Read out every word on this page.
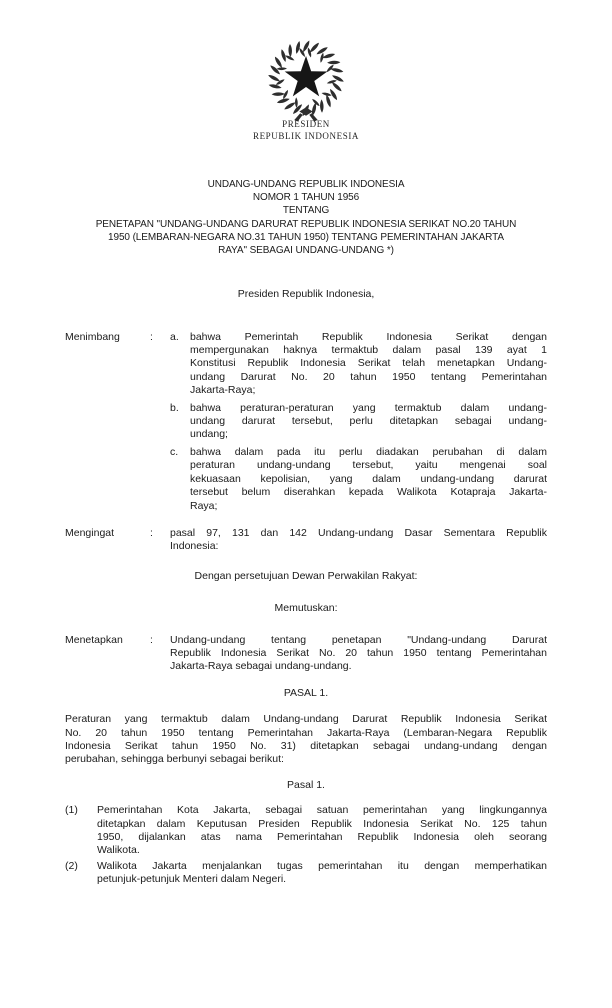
PRESIDEN
REPUBLIK INDONESIA
UNDANG-UNDANG REPUBLIK INDONESIA
NOMOR 1 TAHUN 1956
TENTANG
PENETAPAN "UNDANG-UNDANG DARURAT REPUBLIK INDONESIA SERIKAT NO.20 TAHUN
1950 (LEMBARAN-NEGARA NO.31 TAHUN 1950) TENTANG PEMERINTAHAN JAKARTA
RAYA" SEBAGAI UNDANG-UNDANG *)
Presiden Republik Indonesia,
Menimbang	:	a.	bahwa Pemerintah Republik Indonesia Serikat dengan
mempergunakan haknya termaktub dalam pasal 139 ayat 1
Konstitusi Republik Indonesia Serikat telah menetapkan Undang-
undang Darurat No. 20 tahun 1950 tentang Pemerintahan
Jakarta-Raya;
b.	bahwa peraturan-peraturan yang termaktub dalam undang-
undang darurat tersebut, perlu ditetapkan sebagai undang-
undang;
c.	bahwa dalam pada itu perlu diadakan perubahan di dalam
peraturan undang-undang tersebut, yaitu mengenai soal
kekuasaan kepolisian, yang dalam undang-undang darurat
tersebut belum diserahkan kepada Walikota Kotapraja Jakarta-
Raya;
Mengingat	:	pasal 97, 131 dan 142 Undang-undang Dasar Sementara Republik
Indonesia:
Dengan persetujuan Dewan Perwakilan Rakyat:
Memutuskan:
Menetapkan	:	Undang-undang tentang penetapan "Undang-undang Darurat
Republik Indonesia Serikat No. 20 tahun 1950 tentang Pemerintahan
Jakarta-Raya sebagai undang-undang.
PASAL 1.
Peraturan yang termaktub dalam Undang-undang Darurat Republik Indonesia Serikat
No. 20 tahun 1950 tentang Pemerintahan Jakarta-Raya (Lembaran-Negara Republik
Indonesia Serikat tahun 1950 No. 31) ditetapkan sebagai undang-undang dengan
perubahan, sehingga berbunyi sebagai berikut:
Pasal 1.
(1)	Pemerintahan Kota Jakarta, sebagai satuan pemerintahan yang lingkungannya
ditetapkan dalam Keputusan Presiden Republik Indonesia Serikat No. 125 tahun
1950, dijalankan atas nama Pemerintahan Republik Indonesia oleh seorang
Walikota.
(2)	Walikota Jakarta menjalankan tugas pemerintahan itu dengan memperhatikan
petunjuk-petunjuk Menteri dalam Negeri.
